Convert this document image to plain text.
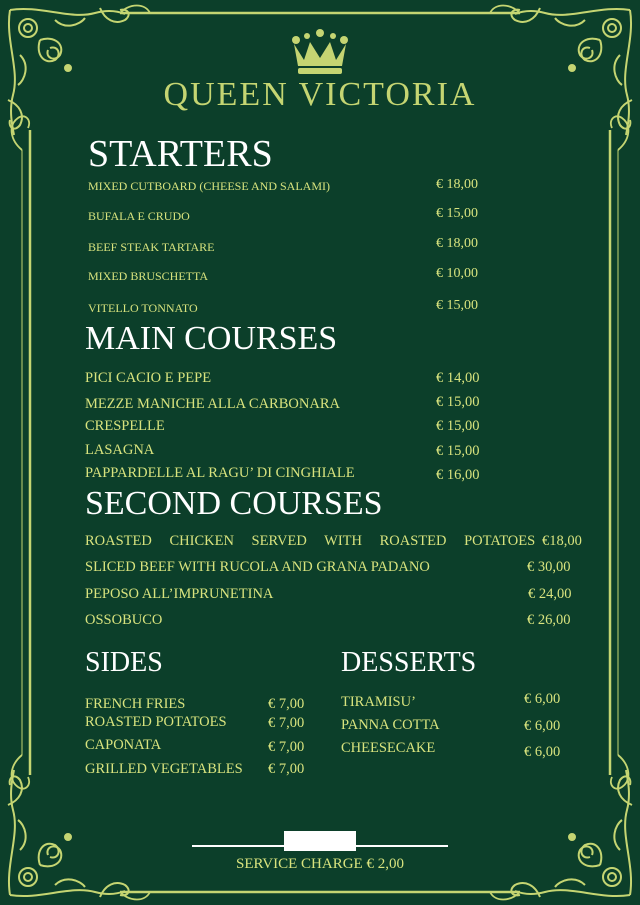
QUEEN VICTORIA
STARTERS
MIXED CUTBOARD (CHEESE AND SALAMI)	€ 18,00
BUFALA E CRUDO	€ 15,00
BEEF STEAK TARTARE	€ 18,00
MIXED BRUSCHETTA	€ 10,00
VITELLO TONNATO	€ 15,00
MAIN COURSES
PICI CACIO E PEPE	€ 14,00
MEZZE MANICHE ALLA CARBONARA	€ 15,00
CRESPELLE	€ 15,00
LASAGNA	€ 15,00
PAPPARDELLE AL RAGU’ DI CINGHIALE	€ 16,00
SECOND COURSES
ROASTED CHICKEN SERVED WITH ROASTED POTATOES €18,00
SLICED BEEF WITH RUCOLA AND GRANA PADANO	€ 30,00
PEPOSO ALL’IMPRUNETINA	€ 24,00
OSSOBUCO	€ 26,00
SIDES
FRENCH FRIES	€ 7,00
ROASTED POTATOES	€ 7,00
CAPONATA	€ 7,00
GRILLED VEGETABLES € 7,00
DESSERTS
TIRAMISU’	€ 6,00
PANNA COTTA	€ 6,00
CHEESECAKE	€ 6,00
SERVICE CHARGE € 2,00
